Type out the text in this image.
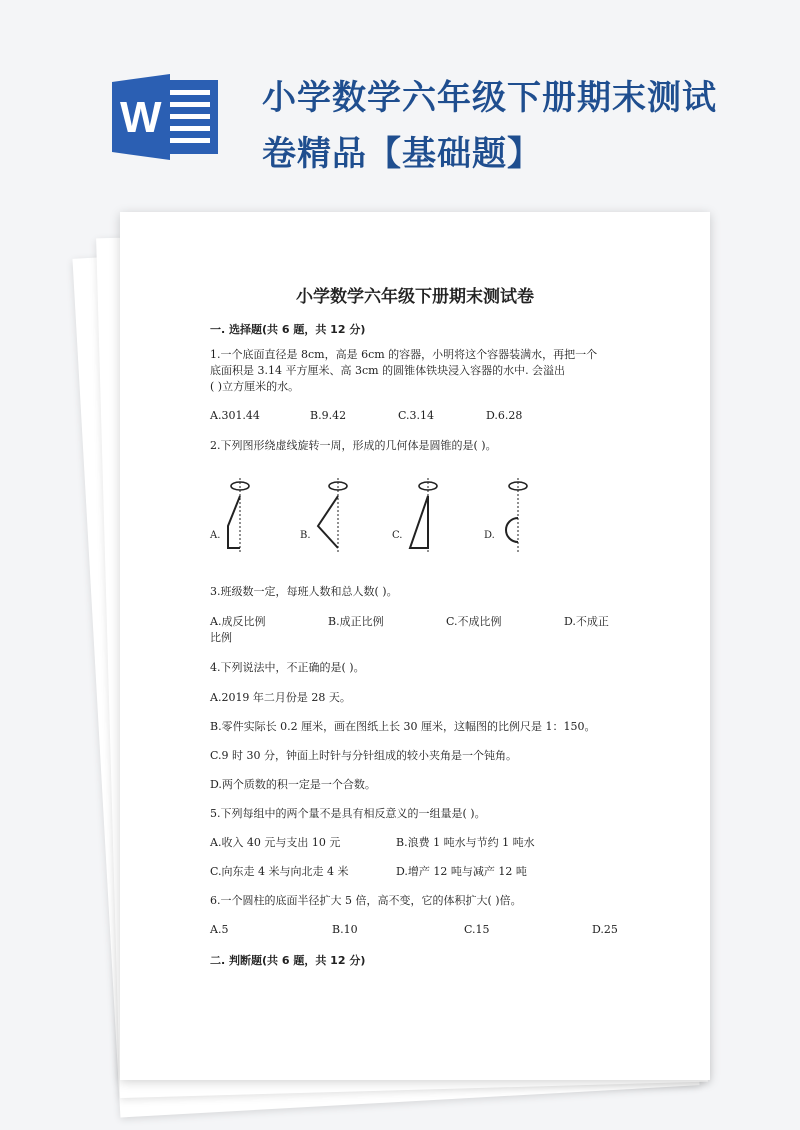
W	小学数学六年级下册期末测试卷精品【基础题】
小学数学六年级下册期末测试卷
一. 选择题(共 6 题，共 12 分)
1.一个底面直径是 8cm，高是 6cm 的容器，小明将这个容器装满水，再把一个
底面积是 3.14 平方厘米、高 3cm 的圆锥体铁块浸入容器的水中. 会溢出
( )立方厘米的水。
A.301.44	B.9.42	C.3.14	D.6.28
2.下列图形绕虚线旋转一周，形成的几何体是圆锥的是( )。
A.	B.	C.	D.
3.班级数一定，每班人数和总人数( )。
A.成反比例	B.成正比例	C.不成比例	D.不成正
比例
4.下列说法中，不正确的是( )。
A.2019 年二月份是 28 天。
B.零件实际长 0.2 厘米，画在图纸上长 30 厘米，这幅图的比例尺是 1：150。
C.9 时 30 分，钟面上时针与分针组成的较小夹角是一个钝角。
D.两个质数的积一定是一个合数。
5.下列每组中的两个量不是具有相反意义的一组量是( )。
A.收入 40 元与支出 10 元	B.浪费 1 吨水与节约 1 吨水
C.向东走 4 米与向北走 4 米	D.增产 12 吨与减产 12 吨
6.一个圆柱的底面半径扩大 5 倍，高不变，它的体积扩大( )倍。
A.5	B.10	C.15	D.25
二. 判断题(共 6 题，共 12 分)
